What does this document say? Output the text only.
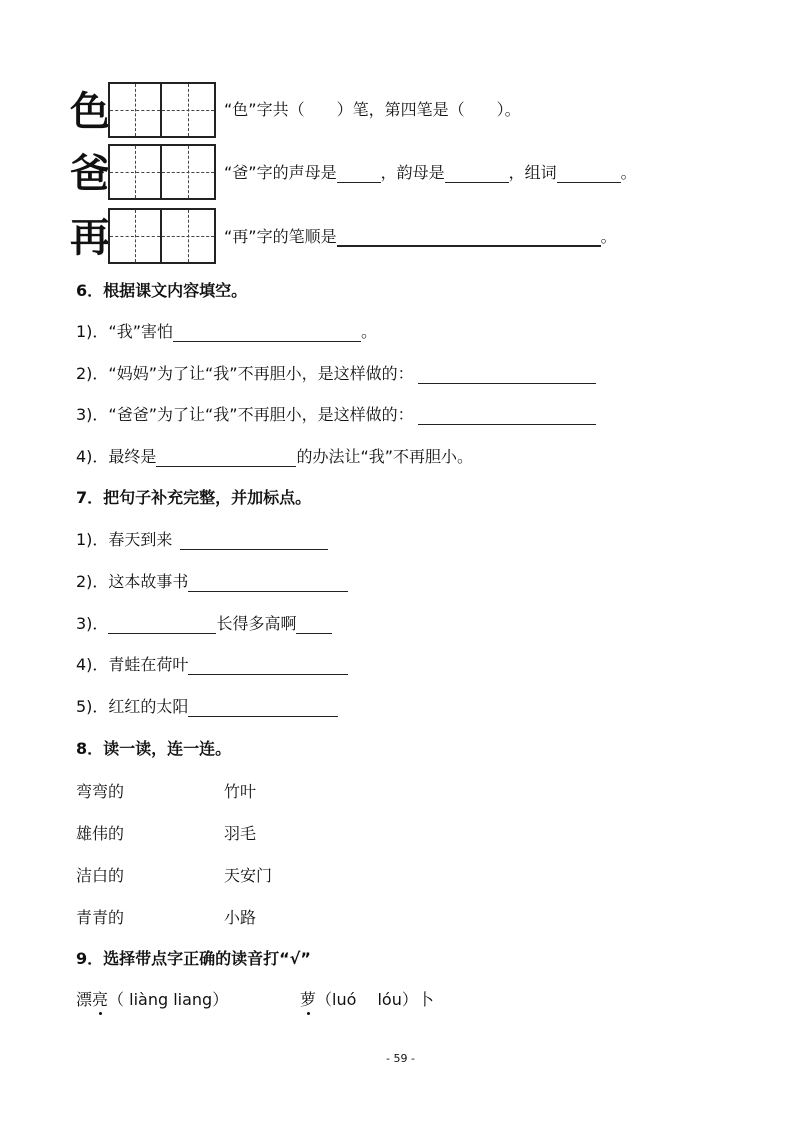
色	“色”字共（　　）笔，第四笔是（　　）。
爸	“爸”字的声母是	，韵母是	，组词	。
再	“再”字的笔顺是	。
6．根据课文内容填空。
1)．“我”害怕	。
2)．“妈妈”为了让“我”不再胆小，是这样做的：
3)．“爸爸”为了让“我”不再胆小，是这样做的：
4)．最终是	的办法让“我”不再胆小。
7．把句子补充完整，并加标点。
1)．春天到来
2)．这本故事书
3)．	长得多高啊
4)．青蛙在荷叶
5)．红红的太阳
8．读一读，连一连。
弯弯的	竹叶
雄伟的	羽毛
洁白的	天安门
青青的	小路
9．选择带点字正确的读音打“√”
漂亮（ liàng liang）	萝（luó　 lóu）卜
- 59 -
